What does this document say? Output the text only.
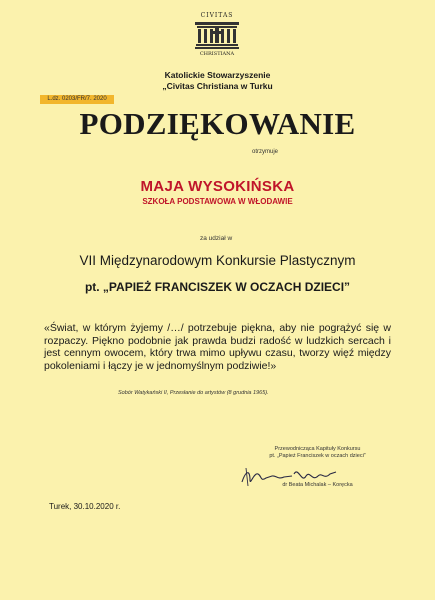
CIVITAS
CHRISTIANA
Katolickie Stowarzyszenie
„Civitas Christiana w Turku
L.dz. 0203/FR/7. 2020
PODZIĘKOWANIE
otrzymuje
MAJA WYSOKIŃSKA
SZKOŁA PODSTAWOWA W WŁODAWIE
za udział w
VII Międzynarodowym Konkursie Plastycznym
pt. „PAPIEŻ FRANCISZEK W OCZACH DZIECI”
«Świat, w którym żyjemy /…/ potrzebuje piękna, aby nie pogrążyć się w rozpaczy. Piękno podobnie jak prawda budzi radość w ludzkich sercach i jest cennym owocem, który trwa mimo upływu czasu, tworzy więź między pokoleniami i łączy je w jednomyślnym podziwie!»
Sobór Watykański II, Przesłanie do artystów (8 grudnia 1965).
Przewodnicząca Kapituły Konkursu
pt. „Papież Franciszek w oczach dzieci”
dr Beata Michalak – Koręcka
Turek, 30.10.2020 r.
